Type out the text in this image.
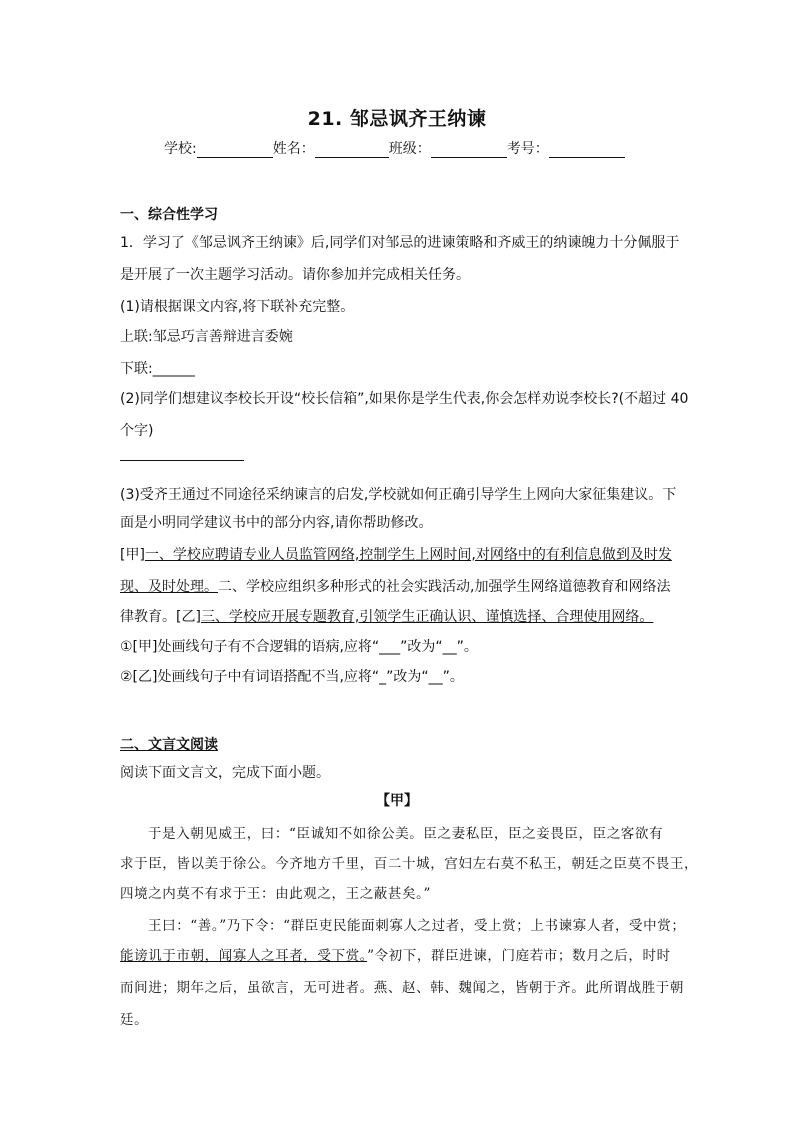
21. 邹忌讽齐王纳谏
学校:	姓名：	班级：	考号：
一、综合性学习
1．学习了《邹忌讽齐王纳谏》后,同学们对邹忌的进谏策略和齐威王的纳谏魄力十分佩服于
是开展了一次主题学习活动。请你参加并完成相关任务。
(1)请根据课文内容,将下联补充完整。
上联:邹忌巧言善辩进言委婉
下联:______
(2)同学们想建议李校长开设“校长信箱”,如果你是学生代表,你会怎样劝说李校长?(不超过 40
个字)
(3)受齐王通过不同途径采纳谏言的启发,学校就如何正确引导学生上网向大家征集建议。下
面是小明同学建议书中的部分内容,请你帮助修改。
[甲]一、学校应聘请专业人员监管网络,控制学生上网时间,对网络中的有利信息做到及时发
现、及时处理。二、学校应组织多种形式的社会实践活动,加强学生网络道德教育和网络法
律教育。[乙]三、学校应开展专题教育,引领学生正确认识、谨慎选择、合理使用网络。
①[甲]处画线句子有不合逻辑的语病,应将“___”改为“__”。
②[乙]处画线句子中有词语搭配不当,应将“_”改为“__”。
二、文言文阅读
阅读下面文言文，完成下面小题。
【甲】
于是入朝见威王，曰：“臣诚知不如徐公美。臣之妻私臣，臣之妾畏臣，臣之客欲有
求于臣，皆以美于徐公。今齐地方千里，百二十城，宫妇左右莫不私王，朝廷之臣莫不畏王，
四境之内莫不有求于王：由此观之，王之蔽甚矣。”
王曰：“善。”乃下令：“群臣吏民能面刺寡人之过者，受上赏；上书谏寡人者，受中赏；
能谤讥于市朝，闻寡人之耳者，受下赏。”令初下，群臣进谏，门庭若市；数月之后，时时
而间进；期年之后，虽欲言，无可进者。燕、赵、韩、魏闻之，皆朝于齐。此所谓战胜于朝
廷。
